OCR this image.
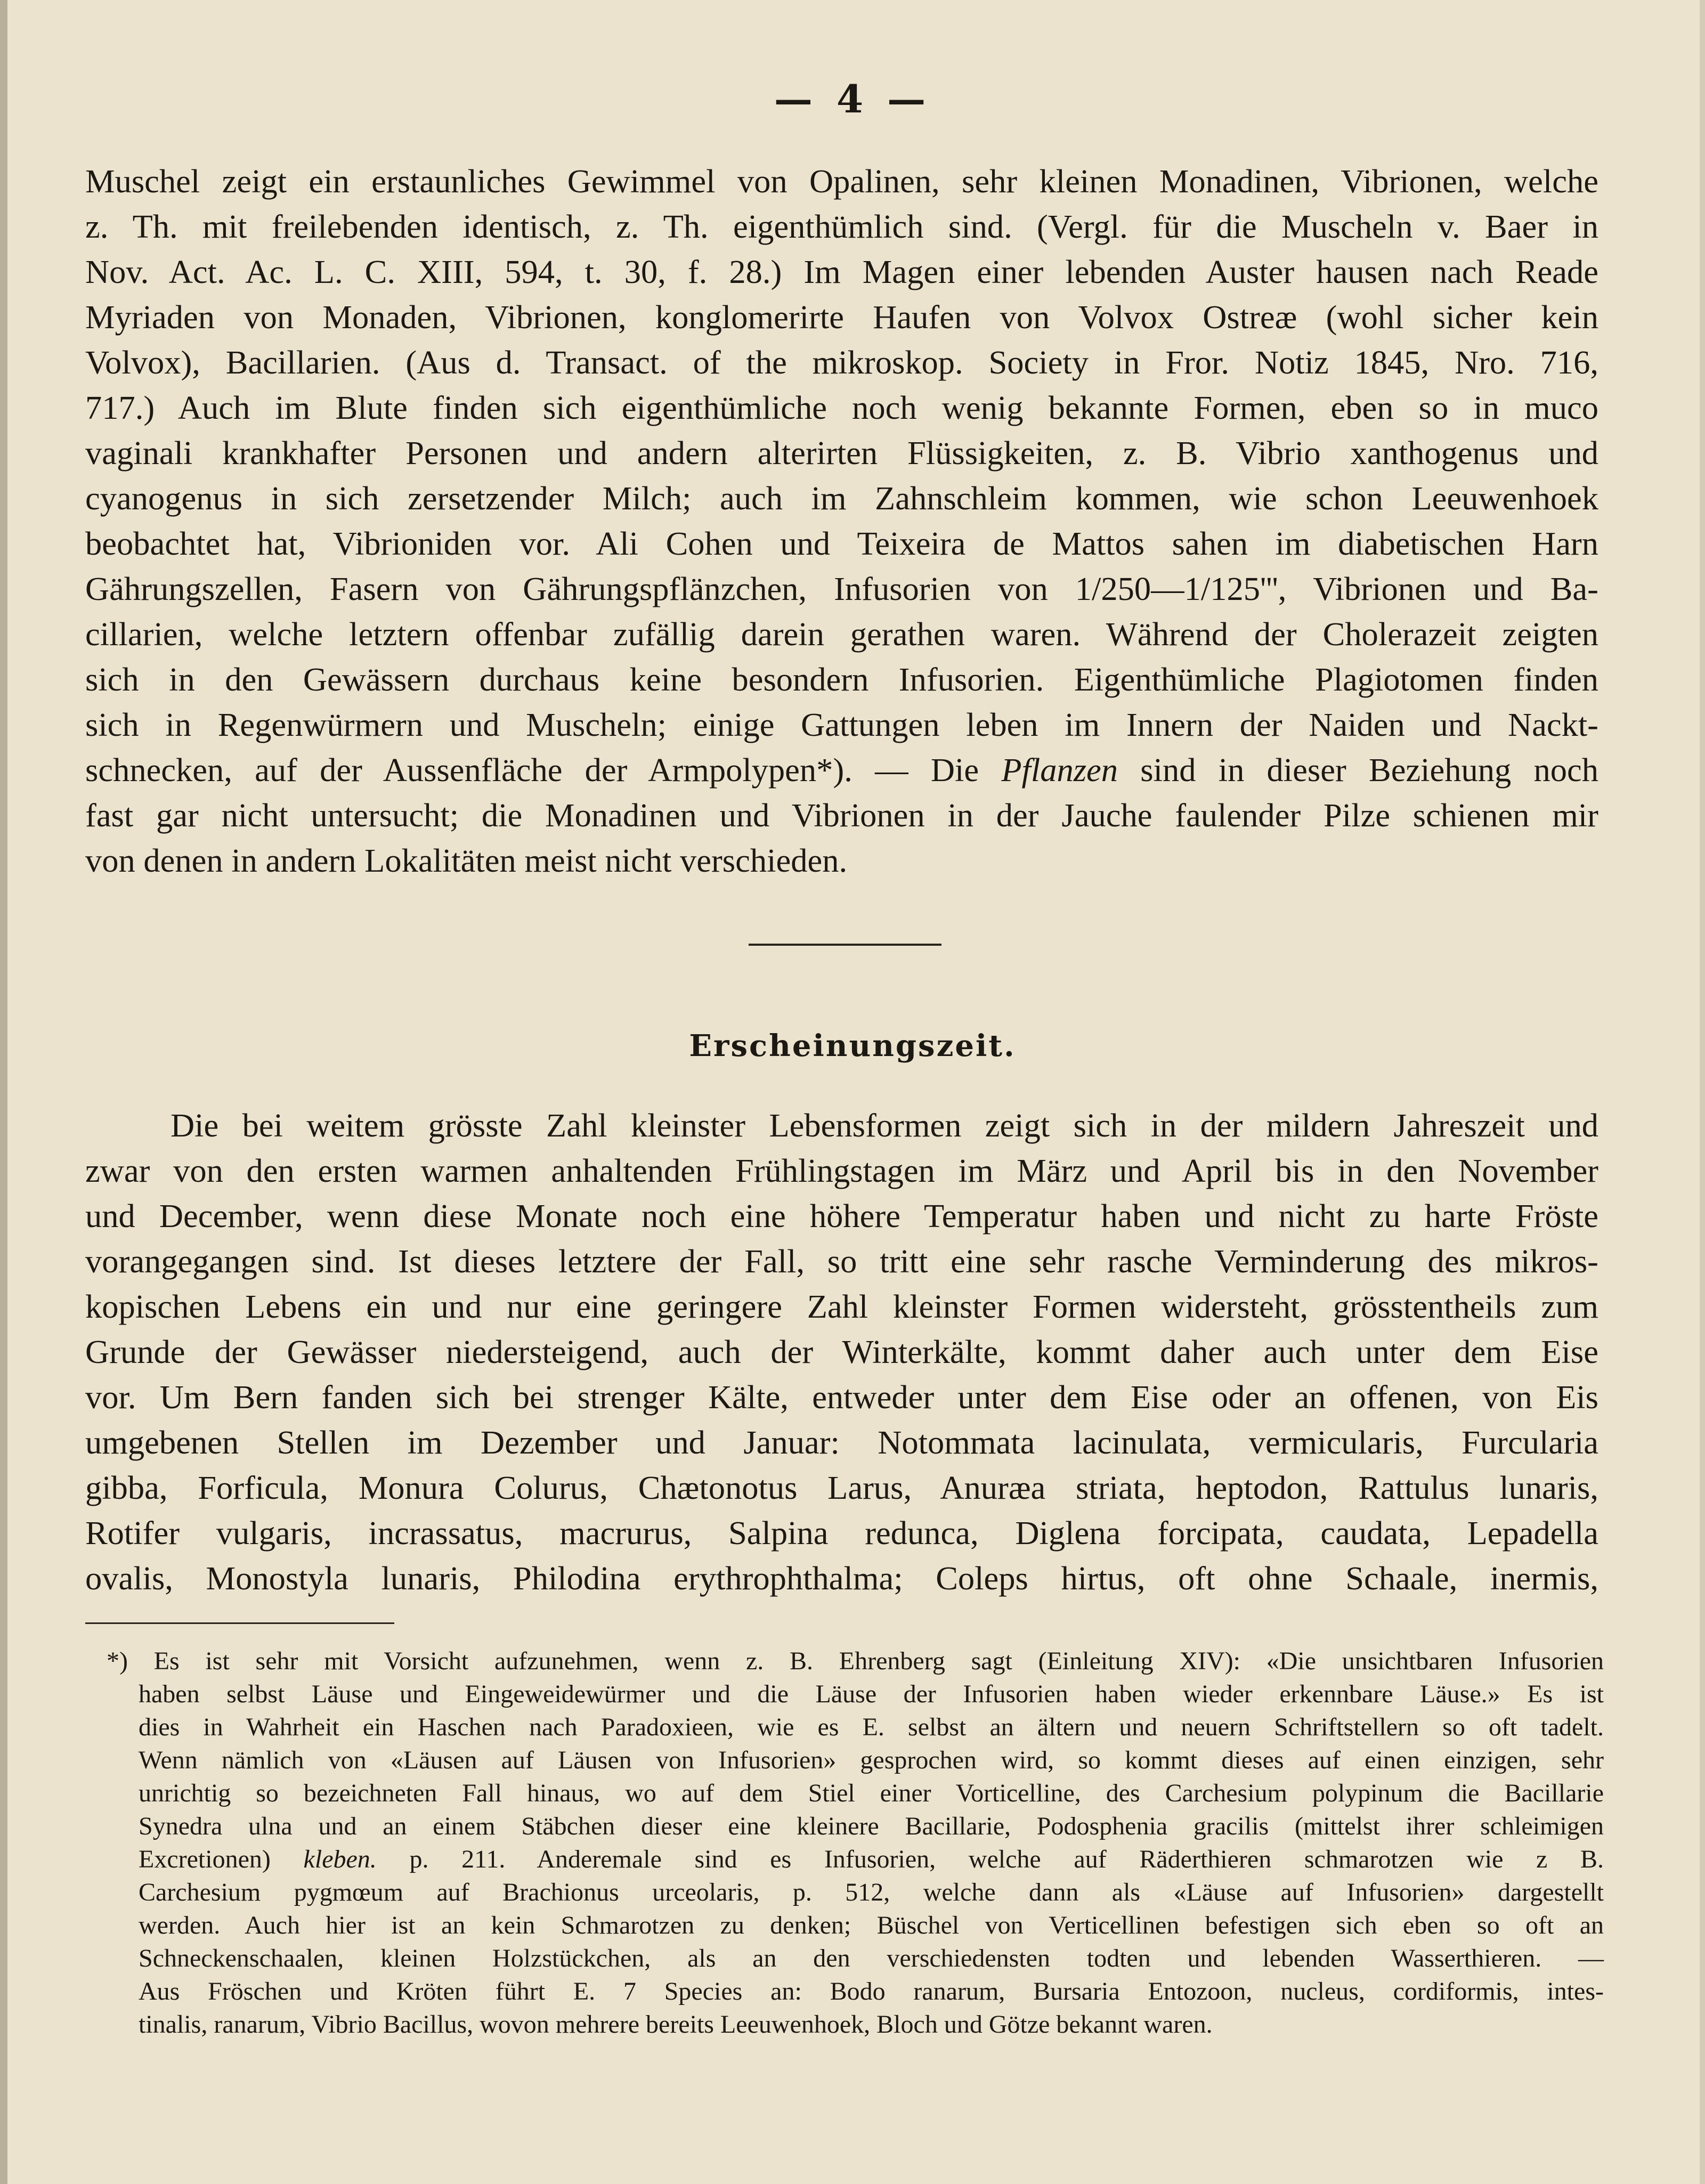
— 4 —
Muschel zeigt ein erstaunliches Gewimmel von Opalinen, sehr kleinen Monadinen, Vibrionen, welche
z. Th. mit freilebenden identisch, z. Th. eigenthümlich sind. (Vergl. für die Muscheln v. Baer in
Nov. Act. Ac. L. C. XIII, 594, t. 30, f. 28.) Im Magen einer lebenden Auster hausen nach Reade
Myriaden von Monaden, Vibrionen, konglomerirte Haufen von Volvox Ostreæ (wohl sicher kein
Volvox), Bacillarien. (Aus d. Transact. of the mikroskop. Society in Fror. Notiz 1845, Nro. 716,
717.) Auch im Blute finden sich eigenthümliche noch wenig bekannte Formen, eben so in muco
vaginali krankhafter Personen und andern alterirten Flüssigkeiten, z. B. Vibrio xanthogenus und
cyanogenus in sich zersetzender Milch; auch im Zahnschleim kommen, wie schon Leeuwenhoek
beobachtet hat, Vibrioniden vor. Ali Cohen und Teixeira de Mattos sahen im diabetischen Harn
Gährungszellen, Fasern von Gährungspflänzchen, Infusorien von 1/250—1/125''', Vibrionen und Ba-
cillarien, welche letztern offenbar zufällig darein gerathen waren. Während der Cholerazeit zeigten
sich in den Gewässern durchaus keine besondern Infusorien. Eigenthümliche Plagiotomen finden
sich in Regenwürmern und Muscheln; einige Gattungen leben im Innern der Naiden und Nackt-
schnecken, auf der Aussenfläche der Armpolypen*). — Die Pflanzen sind in dieser Beziehung noch
fast gar nicht untersucht; die Monadinen und Vibrionen in der Jauche faulender Pilze schienen mir
von denen in andern Lokalitäten meist nicht verschieden.
Erscheinungszeit.
Die bei weitem grösste Zahl kleinster Lebensformen zeigt sich in der mildern Jahreszeit und
zwar von den ersten warmen anhaltenden Frühlingstagen im März und April bis in den November
und December, wenn diese Monate noch eine höhere Temperatur haben und nicht zu harte Fröste
vorangegangen sind. Ist dieses letztere der Fall, so tritt eine sehr rasche Verminderung des mikros-
kopischen Lebens ein und nur eine geringere Zahl kleinster Formen widersteht, grösstentheils zum
Grunde der Gewässer niedersteigend, auch der Winterkälte, kommt daher auch unter dem Eise
vor. Um Bern fanden sich bei strenger Kälte, entweder unter dem Eise oder an offenen, von Eis
umgebenen Stellen im Dezember und Januar: Notommata lacinulata, vermicularis, Furcularia
gibba, Forficula, Monura Colurus, Chætonotus Larus, Anuræa striata, heptodon, Rattulus lunaris,
Rotifer vulgaris, incrassatus, macrurus, Salpina redunca, Diglena forcipata, caudata, Lepadella
ovalis, Monostyla lunaris, Philodina erythrophthalma; Coleps hirtus, oft ohne Schaale, inermis,
*) Es ist sehr mit Vorsicht aufzunehmen, wenn z. B. Ehrenberg sagt (Einleitung XIV): «Die unsichtbaren Infusorien
haben selbst Läuse und Eingeweidewürmer und die Läuse der Infusorien haben wieder erkennbare Läuse.» Es ist
dies in Wahrheit ein Haschen nach Paradoxieen, wie es E. selbst an ältern und neuern Schriftstellern so oft tadelt.
Wenn nämlich von «Läusen auf Läusen von Infusorien» gesprochen wird, so kommt dieses auf einen einzigen, sehr
unrichtig so bezeichneten Fall hinaus, wo auf dem Stiel einer Vorticelline, des Carchesium polypinum die Bacillarie
Synedra ulna und an einem Stäbchen dieser eine kleinere Bacillarie, Podosphenia gracilis (mittelst ihrer schleimigen
Excretionen) kleben. p. 211. Anderemale sind es Infusorien, welche auf Räderthieren schmarotzen wie z B.
Carchesium pygmœum auf Brachionus urceolaris, p. 512, welche dann als «Läuse auf Infusorien» dargestellt
werden. Auch hier ist an kein Schmarotzen zu denken; Büschel von Verticellinen befestigen sich eben so oft an
Schneckenschaalen, kleinen Holzstückchen, als an den verschiedensten todten und lebenden Wasserthieren. —
Aus Fröschen und Kröten führt E. 7 Species an: Bodo ranarum, Bursaria Entozoon, nucleus, cordiformis, intes-
tinalis, ranarum, Vibrio Bacillus, wovon mehrere bereits Leeuwenhoek, Bloch und Götze bekannt waren.
